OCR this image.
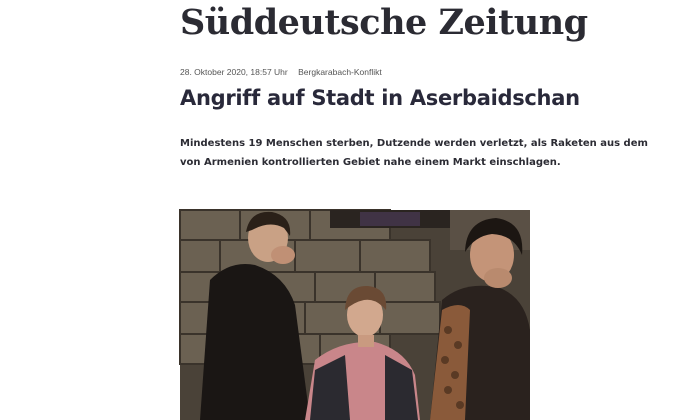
Süddeutsche Zeitung
28. Oktober 2020, 18:57 Uhr Bergkarabach-Konflikt
Angriff auf Stadt in Aserbaidschan
Mindestens 19 Menschen sterben, Dutzende werden verletzt, als Raketen aus dem von Armenien kontrollierten Gebiet nahe einem Markt einschlagen.
